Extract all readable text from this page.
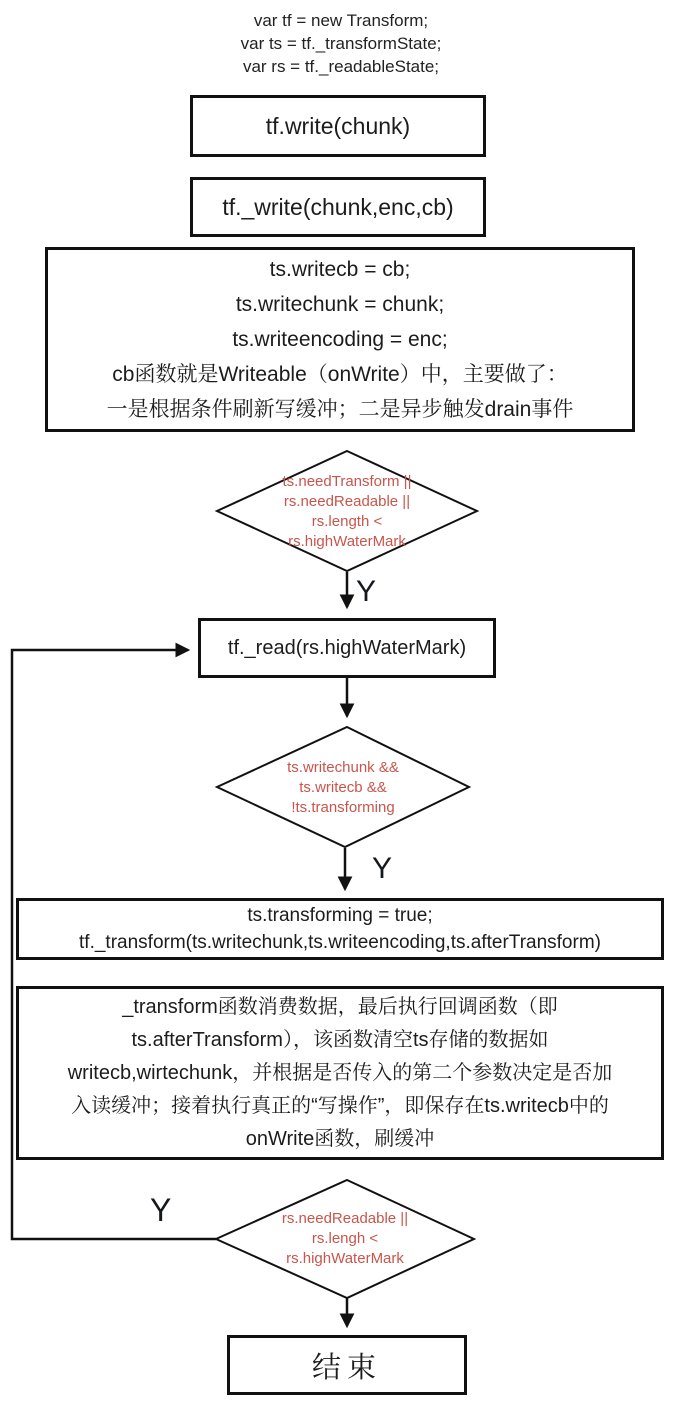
var tf = new Transform;
var ts = tf._transformState;
var rs = tf._readableState;
tf.write(chunk)
tf._write(chunk,enc,cb)
ts.writecb = cb;
ts.writechunk = chunk;
ts.writeencoding = enc;
cb函数就是Writeable（onWrite）中，主要做了：
一是根据条件刷新写缓冲；二是异步触发drain事件
tf._read(rs.highWaterMark)
ts.transforming = true;
tf._transform(ts.writechunk,ts.writeencoding,ts.afterTransform)
_transform函数消费数据，最后执行回调函数（即
ts.afterTransform），该函数清空ts存储的数据如
writecb,wirtechunk，并根据是否传入的第二个参数决定是否加
入读缓冲；接着执行真正的“写操作”，即保存在ts.writecb中的
onWrite函数，刷缓冲
结束
ts.needTransform ||
rs.needReadable ||
rs.length <
rs.highWaterMark
ts.writechunk &&
ts.writecb &&
!ts.transforming
rs.needReadable ||
rs.lengh <
rs.highWaterMark
Y
Y
Y
